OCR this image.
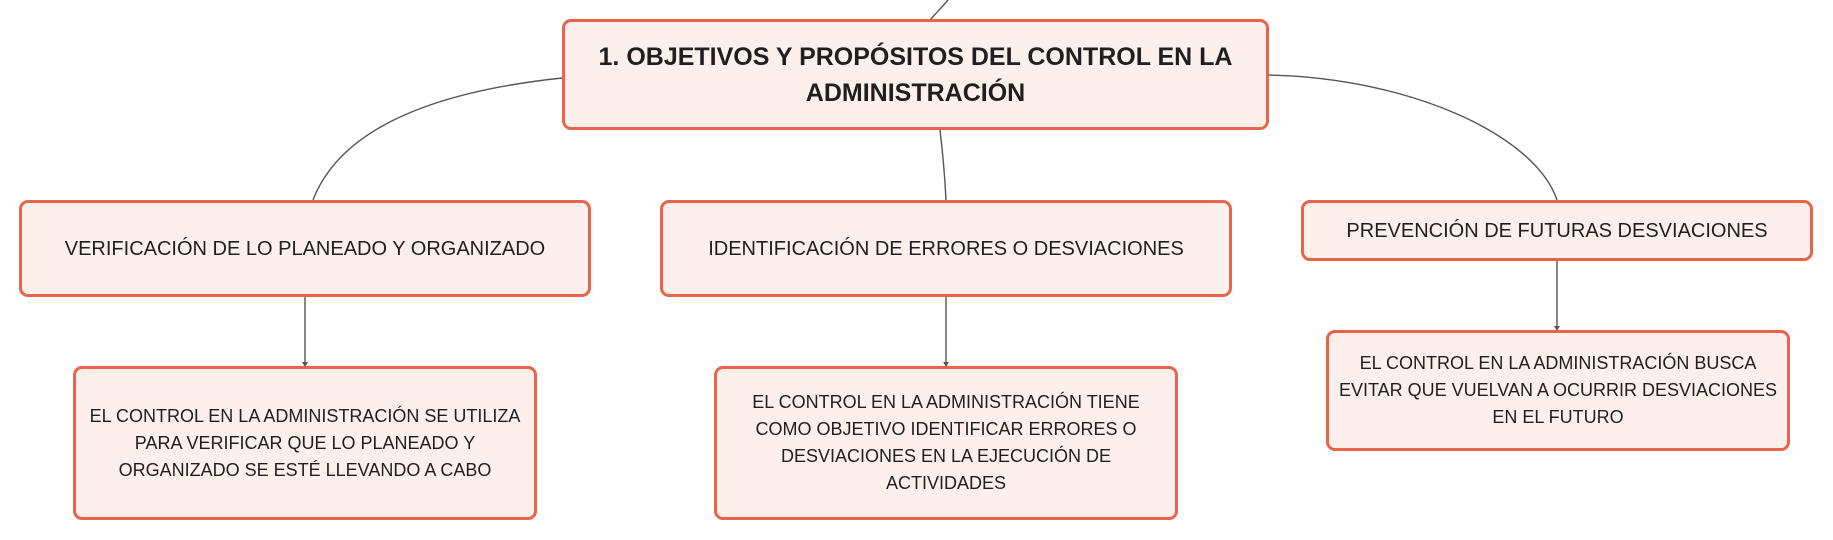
1. OBJETIVOS Y PROPÓSITOS DEL CONTROL EN LA ADMINISTRACIÓN
VERIFICACIÓN DE LO PLANEADO Y ORGANIZADO	IDENTIFICACIÓN DE ERRORES O DESVIACIONES
PREVENCIÓN DE FUTURAS DESVIACIONES
EL CONTROL EN LA ADMINISTRACIÓN SE UTILIZA PARA VERIFICAR QUE LO PLANEADO Y ORGANIZADO SE ESTÉ LLEVANDO A CABO
EL CONTROL EN LA ADMINISTRACIÓN TIENE COMO OBJETIVO IDENTIFICAR ERRORES O DESVIACIONES EN LA EJECUCIÓN DE ACTIVIDADES
EL CONTROL EN LA ADMINISTRACIÓN BUSCA EVITAR QUE VUELVAN A OCURRIR DESVIACIONES EN EL FUTURO
